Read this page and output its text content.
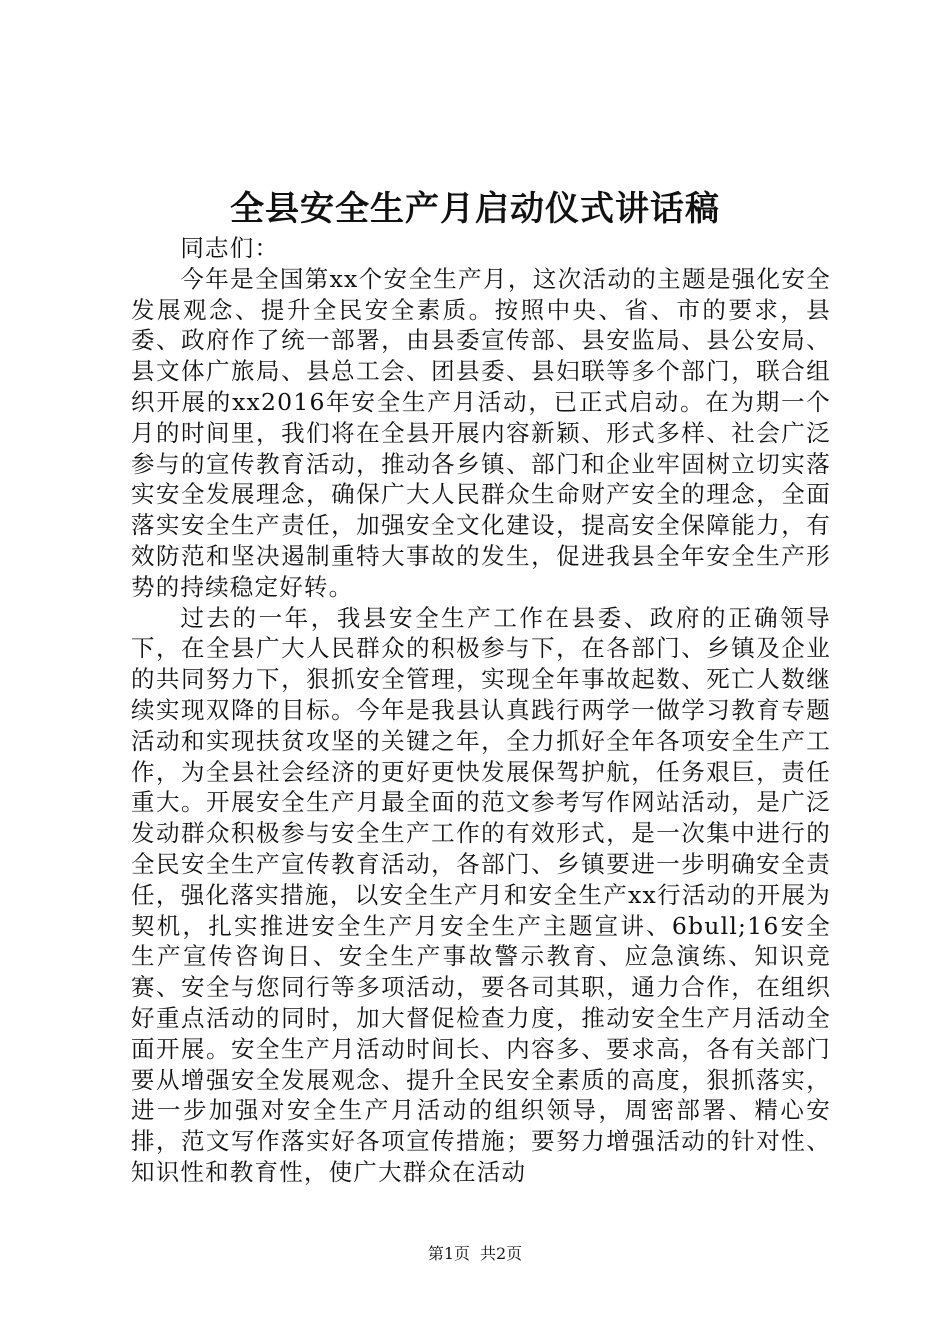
全县安全生产月启动仪式讲话稿

同志们：

今年是全国第xx个安全生产月，这次活动的主题是强化安全发展观念、提升全民安全素质。按照中央、省、市的要求，县委、政府作了统一部署，由县委宣传部、县安监局、县公安局、县文体广旅局、县总工会、团县委、县妇联等多个部门，联合组织开展的xx2016年安全生产月活动，已正式启动。在为期一个月的时间里，我们将在全县开展内容新颖、形式多样、社会广泛参与的宣传教育活动，推动各乡镇、部门和企业牢固树立切实落实安全发展理念，确保广大人民群众生命财产安全的理念，全面落实安全生产责任，加强安全文化建设，提高安全保障能力，有效防范和坚决遏制重特大事故的发生，促进我县全年安全生产形势的持续稳定好转。

过去的一年，我县安全生产工作在县委、政府的正确领导下，在全县广大人民群众的积极参与下，在各部门、乡镇及企业的共同努力下，狠抓安全管理，实现全年事故起数、死亡人数继续实现双降的目标。今年是我县认真践行两学一做学习教育专题活动和实现扶贫攻坚的关键之年，全力抓好全年各项安全生产工作，为全县社会经济的更好更快发展保驾护航，任务艰巨，责任重大。开展安全生产月最全面的范文参考写作网站活动，是广泛发动群众积极参与安全生产工作的有效形式，是一次集中进行的全民安全生产宣传教育活动，各部门、乡镇要进一步明确安全责任，强化落实措施，以安全生产月和安全生产xx行活动的开展为契机，扎实推进安全生产月安全生产主题宣讲、6bull;16安全生产宣传咨询日、安全生产事故警示教育、应急演练、知识竞赛、安全与您同行等多项活动，要各司其职，通力合作，在组织好重点活动的同时，加大督促检查力度，推动安全生产月活动全面开展。安全生产月活动时间长、内容多、要求高，各有关部门要从增强安全发展观念、提升全民安全素质的高度，狠抓落实，进一步加强对安全生产月活动的组织领导，周密部署、精心安排，范文写作落实好各项宣传措施；要努力增强活动的针对性、知识性和教育性，使广大群众在活动

第1页 共2页
